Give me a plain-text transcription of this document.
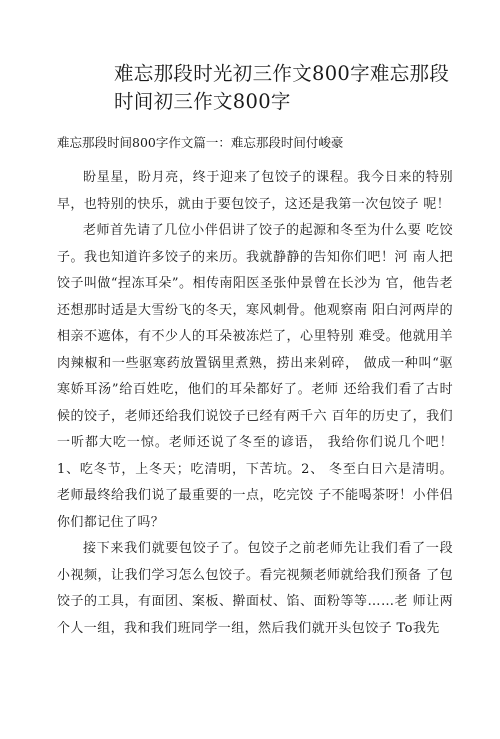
难忘那段时光初三作文800字难忘那段时间初三作文800字

难忘那段时间800字作文篇一：难忘那段时间付峻豪

盼星星，盼月亮，终于迎来了包饺子的课程。我今日来的特别早，也特别的快乐，就由于要包饺子，这还是我第一次包饺子 呢！

老师首先请了几位小伴侣讲了饺子的起源和冬至为什么要 吃饺子。我也知道许多饺子的来历。我就静静的告知你们吧！河 南人把饺子叫做“捏冻耳朵”。相传南阳医圣张仲景曾在长沙为 官，他告老还想那时适是大雪纷飞的冬天，寒风刺骨。他观察南 阳白河两岸的相亲不遮体，有不少人的耳朵被冻烂了，心里特别 难受。他就用羊肉辣椒和一些驱寒药放置锅里煮熟，捞出来剁碎， 做成一种叫“驱寒娇耳汤”给百姓吃，他们的耳朵都好了。老师 还给我们看了古时候的饺子，老师还给我们说饺子已经有两千六 百年的历史了，我们一听都大吃一惊。老师还说了冬至的谚语， 我给你们说几个吧！1、吃冬节，上冬天；吃清明，下苦坑。2、 冬至白日六是清明。老师最终给我们说了最重要的一点，吃完饺 子不能喝茶呀！小伴侣你们都记住了吗？

接下来我们就要包饺子了。包饺子之前老师先让我们看了一段小视频，让我们学习怎么包饺子。看完视频老师就给我们预备 了包饺子的工具，有面团、案板、擀面杖、馅、面粉等等……老 师让两个人一组，我和我们班同学一组，然后我们就开头包饺子 To我先
